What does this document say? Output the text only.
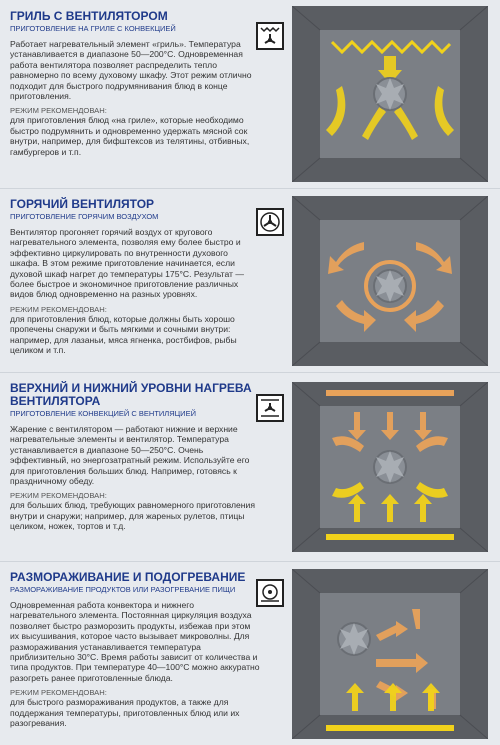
ГРИЛЬ С ВЕНТИЛЯТОРОМ

ПРИГОТОВЛЕНИЕ НА ГРИЛЕ С КОНВЕКЦИЕЙ

Работает нагревательный элемент «гриль». Температура устанавливается в диапазоне 50—200°C. Одновременная работа вентилятора позволяет распределить тепло равномерно по всему духовому шкафу. Этот режим отлично подходит для быстрого подрумянивания блюд в конце приготовления.

РЕЖИМ РЕКОМЕНДОВАН:

для приготовления блюд «на гриле», которые необходимо быстро подрумянить и одновременно удержать мясной сок внутри, например, для бифштексов из телятины, отбивных, гамбургеров и т.п.

ГОРЯЧИЙ ВЕНТИЛЯТОР

ПРИГОТОВЛЕНИЕ ГОРЯЧИМ ВОЗДУХОМ

Вентилятор прогоняет горячий воздух от кругового нагревательного элемента, позволяя ему более быстро и эффективно циркулировать по внутренности духового шкафа. В этом режиме приготовление начинается, если духовой шкаф нагрет до температуры 175°C. Результат — более быстрое и экономичное приготовление различных видов блюд одновременно на разных уровнях.

РЕЖИМ РЕКОМЕНДОВАН:

для приготовления блюд, которые должны быть хорошо пропечены снаружи и быть мягкими и сочными внутри: например, для лазаньи, мяса ягненка, ростбифов, рыбы целиком и т.п.

ВЕРХНИЙ И НИЖНИЙ УРОВНИ НАГРЕВА ВЕНТИЛЯТОРА

ПРИГОТОВЛЕНИЕ КОНВЕКЦИЕЙ С ВЕНТИЛЯЦИЕЙ

Жарение с вентилятором — работают нижние и верхние нагревательные элементы и вентилятор. Температура устанавливается в диапазоне 50—250°C. Очень эффективный, но энергозатратный режим. Используйте его для приготовления больших блюд. Например, готовясь к праздничному обеду.

РЕЖИМ РЕКОМЕНДОВАН:

для больших блюд, требующих равномерного приготовления внутри и снаружи; например, для жареных рулетов, птицы целиком, ножек, тортов и т.д.

РАЗМОРАЖИВАНИЕ И ПОДОГРЕВАНИЕ

РАЗМОРАЖИВАНИЕ ПРОДУКТОВ ИЛИ РАЗОГРЕВАНИЕ ПИЩИ

Одновременная работа конвектора и нижнего нагревательного элемента. Постоянная циркуляция воздуха позволяет быстро разморозить продукты, избежав при этом их высушивания, которое часто вызывает микроволны. Для размораживания устанавливается температура приблизительно 30°C. Время работы зависит от количества и типа продуктов. При температуре 40—100°C можно аккуратно разогреть ранее приготовленные блюда.

РЕЖИМ РЕКОМЕНДОВАН:

для быстрого размораживания продуктов, а также для поддержания температуры, приготовленных блюд или их разогревания.
